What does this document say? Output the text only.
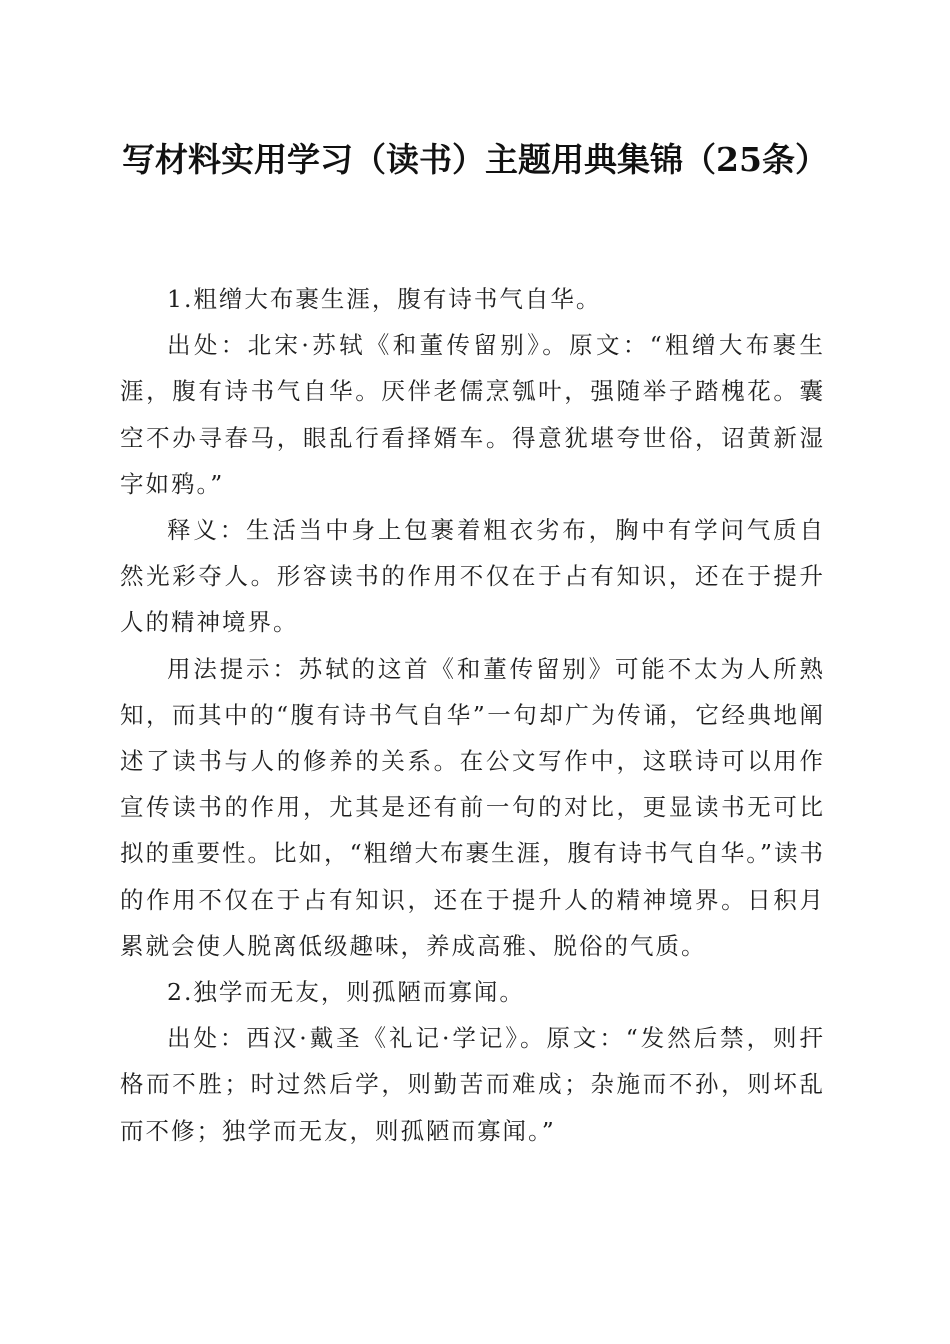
写材料实用学习（读书）主题用典集锦（25条）

1.粗缯大布裹生涯，腹有诗书气自华。

出处：北宋·苏轼《和董传留别》。原文：“粗缯大布裹生涯，腹有诗书气自华。厌伴老儒烹瓠叶，强随举子踏槐花。囊空不办寻春马，眼乱行看择婿车。得意犹堪夸世俗，诏黄新湿字如鸦。”

释义：生活当中身上包裹着粗衣劣布，胸中有学问气质自然光彩夺人。形容读书的作用不仅在于占有知识，还在于提升人的精神境界。

用法提示：苏轼的这首《和董传留别》可能不太为人所熟知，而其中的“腹有诗书气自华”一句却广为传诵，它经典地阐述了读书与人的修养的关系。在公文写作中，这联诗可以用作宣传读书的作用，尤其是还有前一句的对比，更显读书无可比拟的重要性。比如，“粗缯大布裹生涯，腹有诗书气自华。”读书的作用不仅在于占有知识，还在于提升人的精神境界。日积月累就会使人脱离低级趣味，养成高雅、脱俗的气质。

2.独学而无友，则孤陋而寡闻。

出处：西汉·戴圣《礼记·学记》。原文：“发然后禁，则扞格而不胜；时过然后学，则勤苦而难成；杂施而不孙，则坏乱而不修；独学而无友，则孤陋而寡闻。”
